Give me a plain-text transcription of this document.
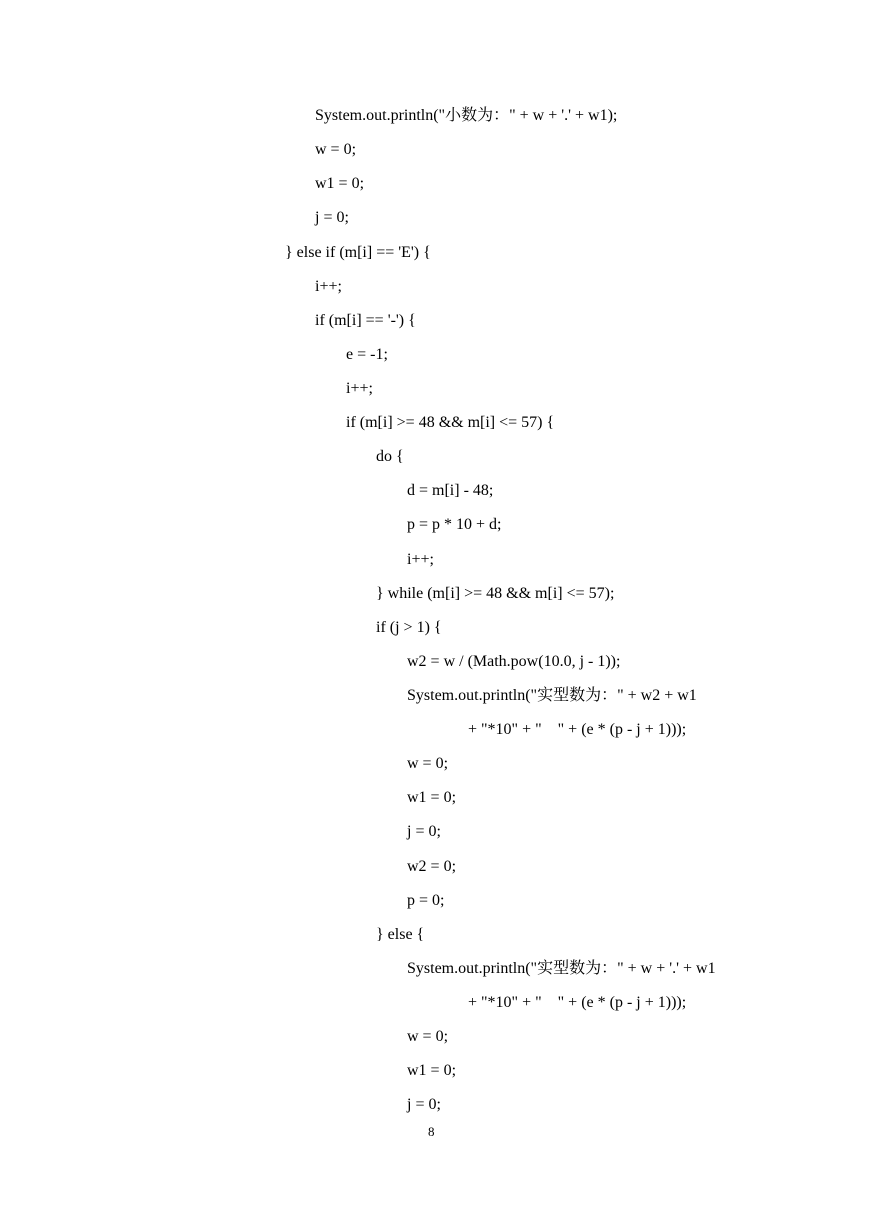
System.out.println("小数为：" + w + '.' + w1);
w = 0;
w1 = 0;
j = 0;
} else if (m[i] == 'E') {
i++;
if (m[i] == '-') {
e = -1;
i++;
if (m[i] >= 48 && m[i] <= 57) {
do {
d = m[i] - 48;
p = p * 10 + d;
i++;
} while (m[i] >= 48 && m[i] <= 57);
if (j > 1) {
w2 = w / (Math.pow(10.0, j - 1));
System.out.println("实型数为：" + w2 + w1
+ "*10" + "    " + (e * (p - j + 1)));
w = 0;
w1 = 0;
j = 0;
w2 = 0;
p = 0;
} else {
System.out.println("实型数为：" + w + '.' + w1
+ "*10" + "    " + (e * (p - j + 1)));
w = 0;
w1 = 0;
j = 0;
8
